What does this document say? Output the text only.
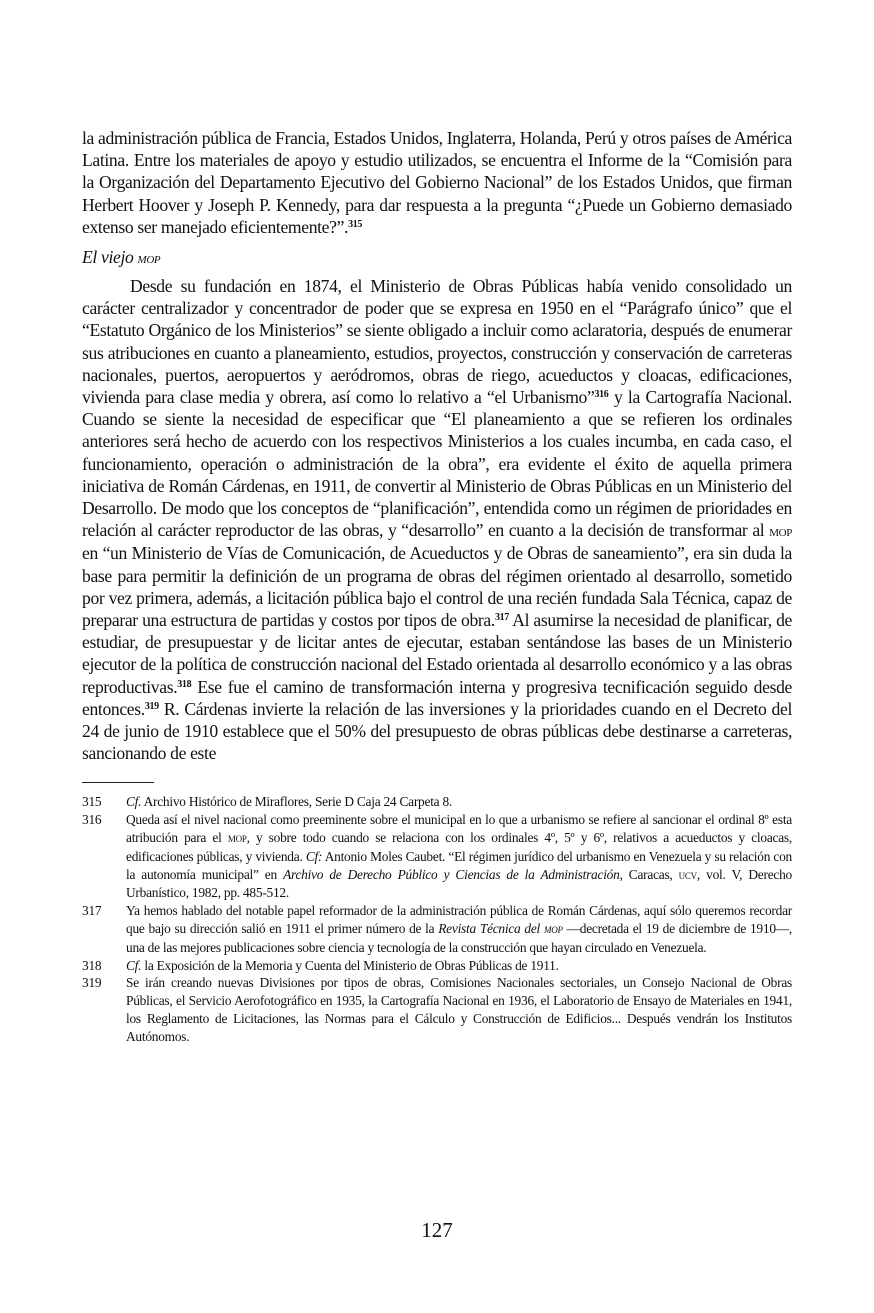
la administración pública de Francia, Estados Unidos, Inglaterra, Holanda, Perú y otros países de América Latina. Entre los materiales de apoyo y estudio utilizados, se encuentra el Informe de la “Comisión para la Organización del Departamento Ejecutivo del Gobierno Nacional” de los Estados Unidos, que firman Herbert Hoover y Joseph P. Kennedy, para dar respuesta a la pregunta “¿Puede un Gobierno demasiado extenso ser manejado eficientemente?”.$^{315}$

El viejo mop

Desde su fundación en 1874, el Ministerio de Obras Públicas había venido consolidado un carácter centralizador y concentrador de poder que se expresa en 1950 en el “Parágrafo único” que el “Estatuto Orgánico de los Ministerios” se siente obligado a incluir como aclaratoria, después de enumerar sus atribuciones en cuanto a planeamiento, estudios, proyectos, construcción y conservación de carreteras nacionales, puertos, aeropuertos y aeródromos, obras de riego, acueductos y cloacas, edificaciones, vivienda para clase media y obrera, así como lo relativo a “el Urbanismo”$^{316}$ y la Cartografía Nacional. Cuando se siente la necesidad de especificar que “El planeamiento a que se refieren los ordinales anteriores será hecho de acuerdo con los respectivos Ministerios a los cuales incumba, en cada caso, el funcionamiento, operación o administración de la obra”, era evidente el éxito de aquella primera iniciativa de Román Cárdenas, en 1911, de convertir al Ministerio de Obras Públicas en un Ministerio del Desarrollo. De modo que los conceptos de “planificación”, entendida como un régimen de prioridades en relación al carácter reproductor de las obras, y “desarrollo” en cuanto a la decisión de transformar al mop en “un Ministerio de Vías de Comunicación, de Acueductos y de Obras de saneamiento”, era sin duda la base para permitir la definición de un programa de obras del régimen orientado al desarrollo, sometido por vez primera, además, a licitación pública bajo el control de una recién fundada Sala Técnica, capaz de preparar una estructura de partidas y costos por tipos de obra.$^{317}$ Al asumirse la necesidad de planificar, de estudiar, de presupuestar y de licitar antes de ejecutar, estaban sentándose las bases de un Ministerio ejecutor de la política de construcción nacional del Estado orientada al desarrollo económico y a las obras reproductivas.$^{318}$ Ese fue el camino de transformación interna y progresiva tecnificación seguido desde entonces.$^{319}$ R. Cárdenas invierte la relación de las inversiones y la prioridades cuando en el Decreto del 24 de junio de 1910 establece que el 50% del presupuesto de obras públicas debe destinarse a carreteras, sancionando de este

315	Cf. Archivo Histórico de Miraflores, Serie D Caja 24 Carpeta 8.
316	Queda así el nivel nacional como preeminente sobre el municipal en lo que a urbanismo se refiere al sancionar el ordinal 8º esta atribución para el mop, y sobre todo cuando se relaciona con los ordinales 4º, 5º y 6º, relativos a acueductos y cloacas, edificaciones públicas, y vivienda. Cf: Antonio Moles Caubet. “El régimen jurídico del urbanismo en Venezuela y su relación con la autonomía municipal” en Archivo de Derecho Público y Ciencias de la Administración, Caracas, ucv, vol. V, Derecho Urbanístico, 1982, pp. 485-512.
317	Ya hemos hablado del notable papel reformador de la administración pública de Román Cárdenas, aquí sólo queremos recordar que bajo su dirección salió en 1911 el primer número de la Revista Técnica del mop —decretada el 19 de diciembre de 1910—, una de las mejores publicaciones sobre ciencia y tecnología de la construcción que hayan circulado en Venezuela.
318	Cf. la Exposición de la Memoria y Cuenta del Ministerio de Obras Públicas de 1911.
319	Se irán creando nuevas Divisiones por tipos de obras, Comisiones Nacionales sectoriales, un Consejo Nacional de Obras Públicas, el Servicio Aerofotográfico en 1935, la Cartografía Nacional en 1936, el Laboratorio de Ensayo de Materiales en 1941, los Reglamento de Licitaciones, las Normas para el Cálculo y Construcción de Edificios... Después vendrán los Institutos Autónomos.
127
